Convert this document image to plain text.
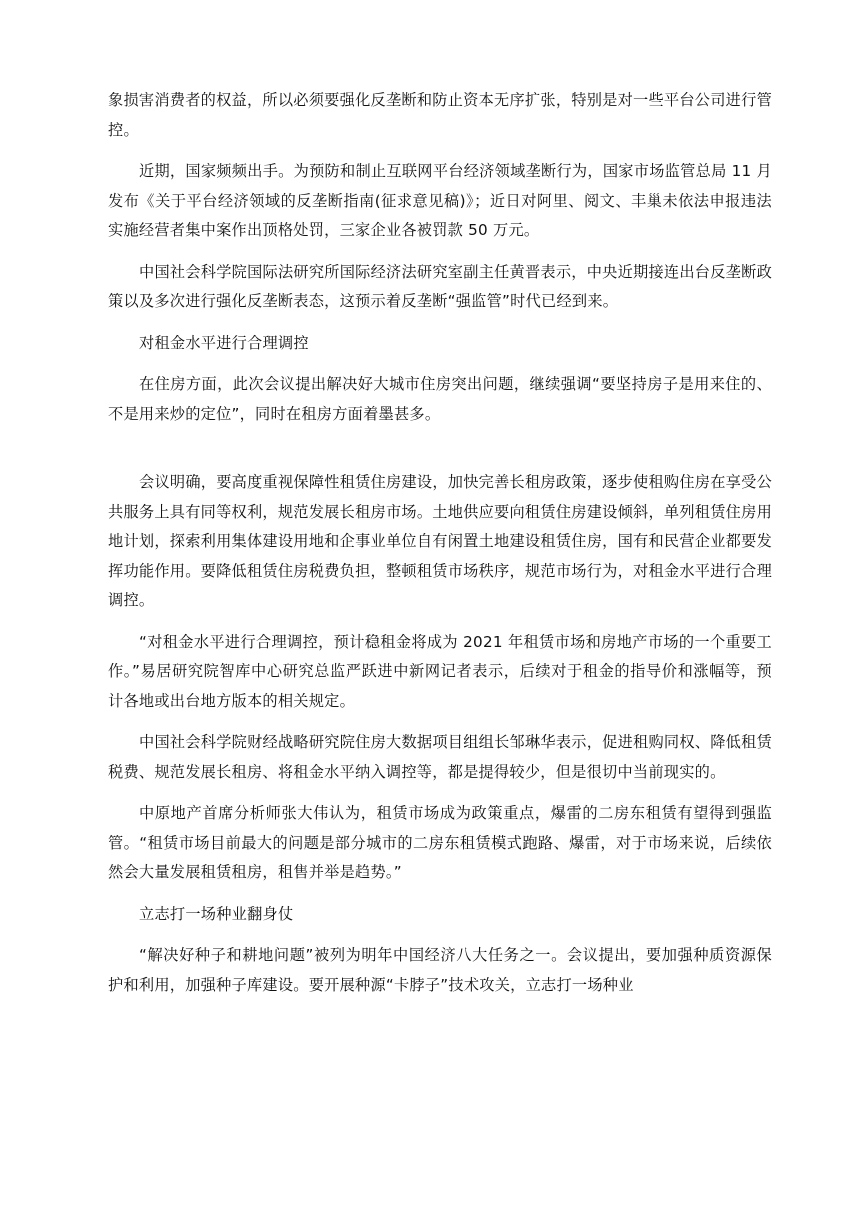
象损害消费者的权益，所以必须要强化反垄断和防止资本无序扩张，特别是对一些平台公司进行管控。

近期，国家频频出手。为预防和制止互联网平台经济领域垄断行为，国家市场监管总局 11 月发布《关于平台经济领域的反垄断指南(征求意见稿)》；近日对阿里、阅文、丰巢未依法申报违法实施经营者集中案作出顶格处罚，三家企业各被罚款 50 万元。

中国社会科学院国际法研究所国际经济法研究室副主任黄晋表示，中央近期接连出台反垄断政策以及多次进行强化反垄断表态，这预示着反垄断“强监管”时代已经到来。

对租金水平进行合理调控

在住房方面，此次会议提出解决好大城市住房突出问题，继续强调“要坚持房子是用来住的、不是用来炒的定位”，同时在租房方面着墨甚多。

会议明确，要高度重视保障性租赁住房建设，加快完善长租房政策，逐步使租购住房在享受公共服务上具有同等权利，规范发展长租房市场。土地供应要向租赁住房建设倾斜，单列租赁住房用地计划，探索利用集体建设用地和企事业单位自有闲置土地建设租赁住房，国有和民营企业都要发挥功能作用。要降低租赁住房税费负担，整顿租赁市场秩序，规范市场行为，对租金水平进行合理调控。

“对租金水平进行合理调控，预计稳租金将成为 2021 年租赁市场和房地产市场的一个重要工作。”易居研究院智库中心研究总监严跃进中新网记者表示，后续对于租金的指导价和涨幅等，预计各地或出台地方版本的相关规定。

中国社会科学院财经战略研究院住房大数据项目组组长邹琳华表示，促进租购同权、降低租赁税费、规范发展长租房、将租金水平纳入调控等，都是提得较少，但是很切中当前现实的。

中原地产首席分析师张大伟认为，租赁市场成为政策重点，爆雷的二房东租赁有望得到强监管。“租赁市场目前最大的问题是部分城市的二房东租赁模式跑路、爆雷，对于市场来说，后续依然会大量发展租赁租房，租售并举是趋势。”

立志打一场种业翻身仗

“解决好种子和耕地问题”被列为明年中国经济八大任务之一。会议提出，要加强种质资源保护和利用，加强种子库建设。要开展种源“卡脖子”技术攻关，立志打一场种业
